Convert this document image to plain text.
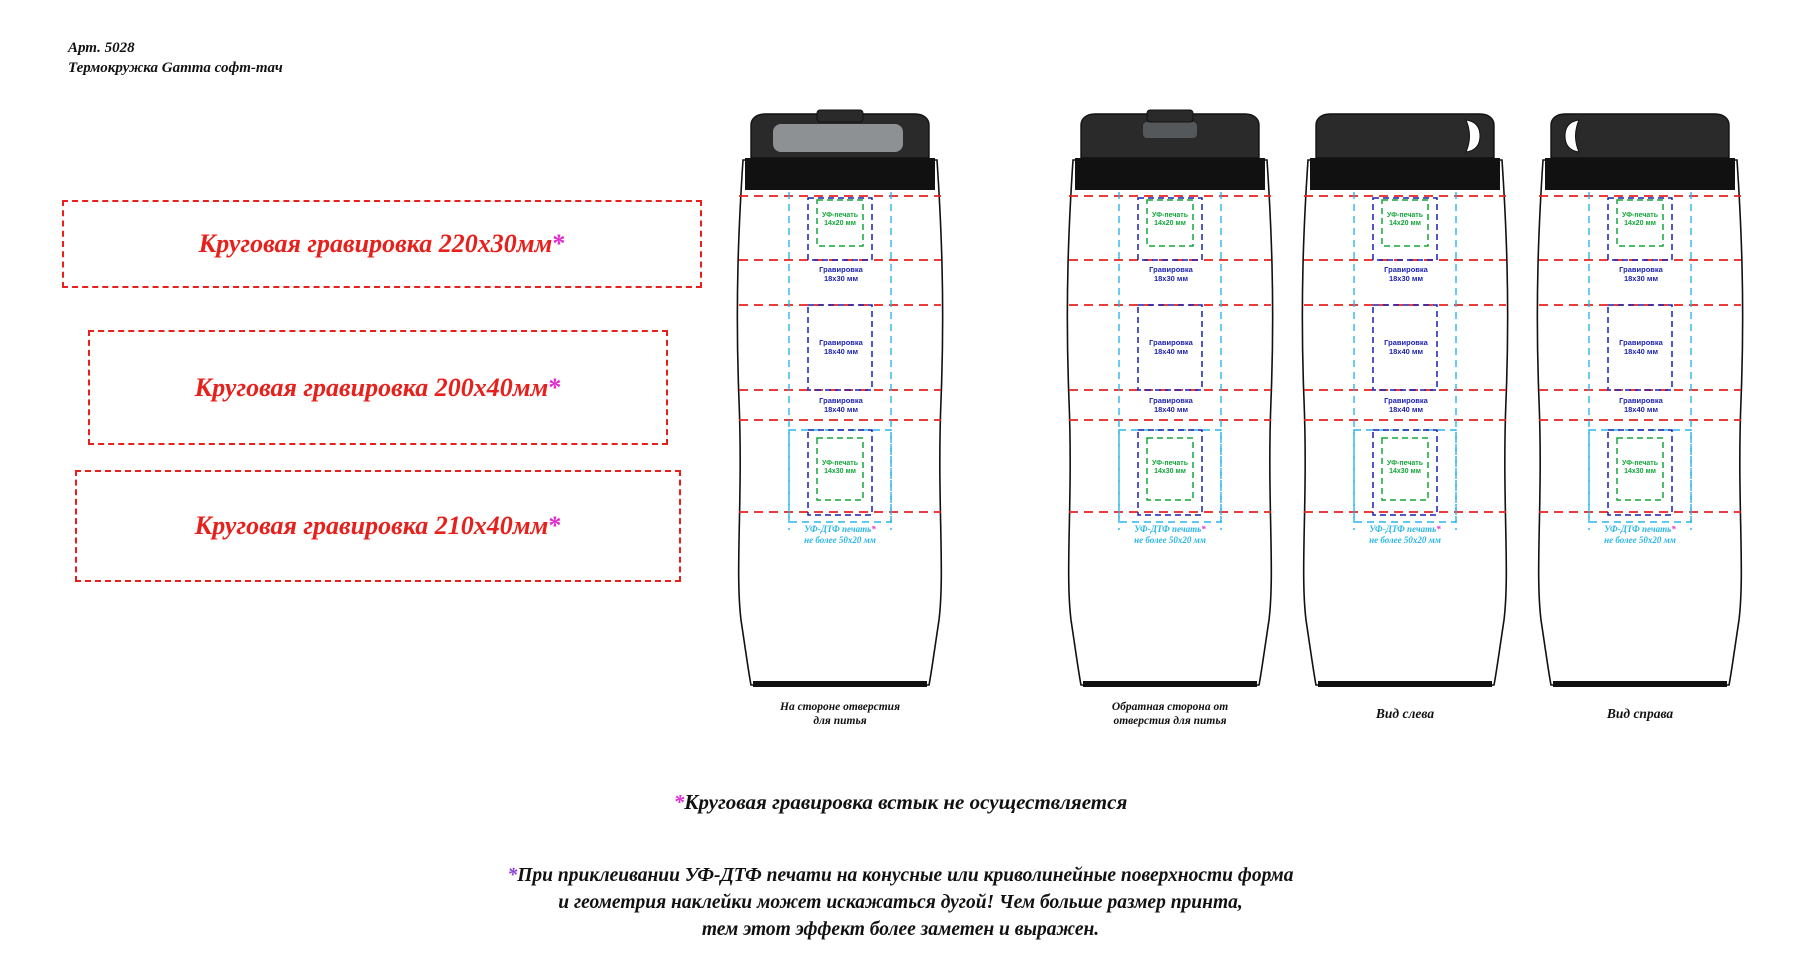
Арт. 5028
Термокружка Gamma софт-тач
Круговая гравировка 220х30мм *
Круговая гравировка 200х40мм *
Круговая гравировка 210х40мм *
УФ-печать
14х20 мм
Гравировка
18х30 мм
Гравировка
18х40 мм
Гравировка
18х40 мм
УФ-печать
14х30 мм
УФ-ДТФ печать*
не более 50х20 мм
На стороне отверстия
для питья
УФ-печать
14х20 мм
Гравировка
18х30 мм
Гравировка
18х40 мм
Гравировка
18х40 мм
УФ-печать
14х30 мм
УФ-ДТФ печать*
не более 50х20 мм
Обратная сторона от
отверстия для питья
УФ-печать
14х20 мм
Гравировка
18х30 мм
Гравировка
18х40 мм
Гравировка
18х40 мм
УФ-печать
14х30 мм
УФ-ДТФ печать*
не более 50х20 мм
Вид слева
УФ-печать
14х20 мм
Гравировка
18х30 мм
Гравировка
18х40 мм
Гравировка
18х40 мм
УФ-печать
14х30 мм
УФ-ДТФ печать*
не более 50х20 мм
Вид справа
*Круговая гравировка встык не осуществляется
*При приклеивании УФ-ДТФ печати на конусные или криволинейные поверхности форма
и геометрия наклейки может искажаться дугой! Чем больше размер принта,
тем этот эффект более заметен и выражен.
